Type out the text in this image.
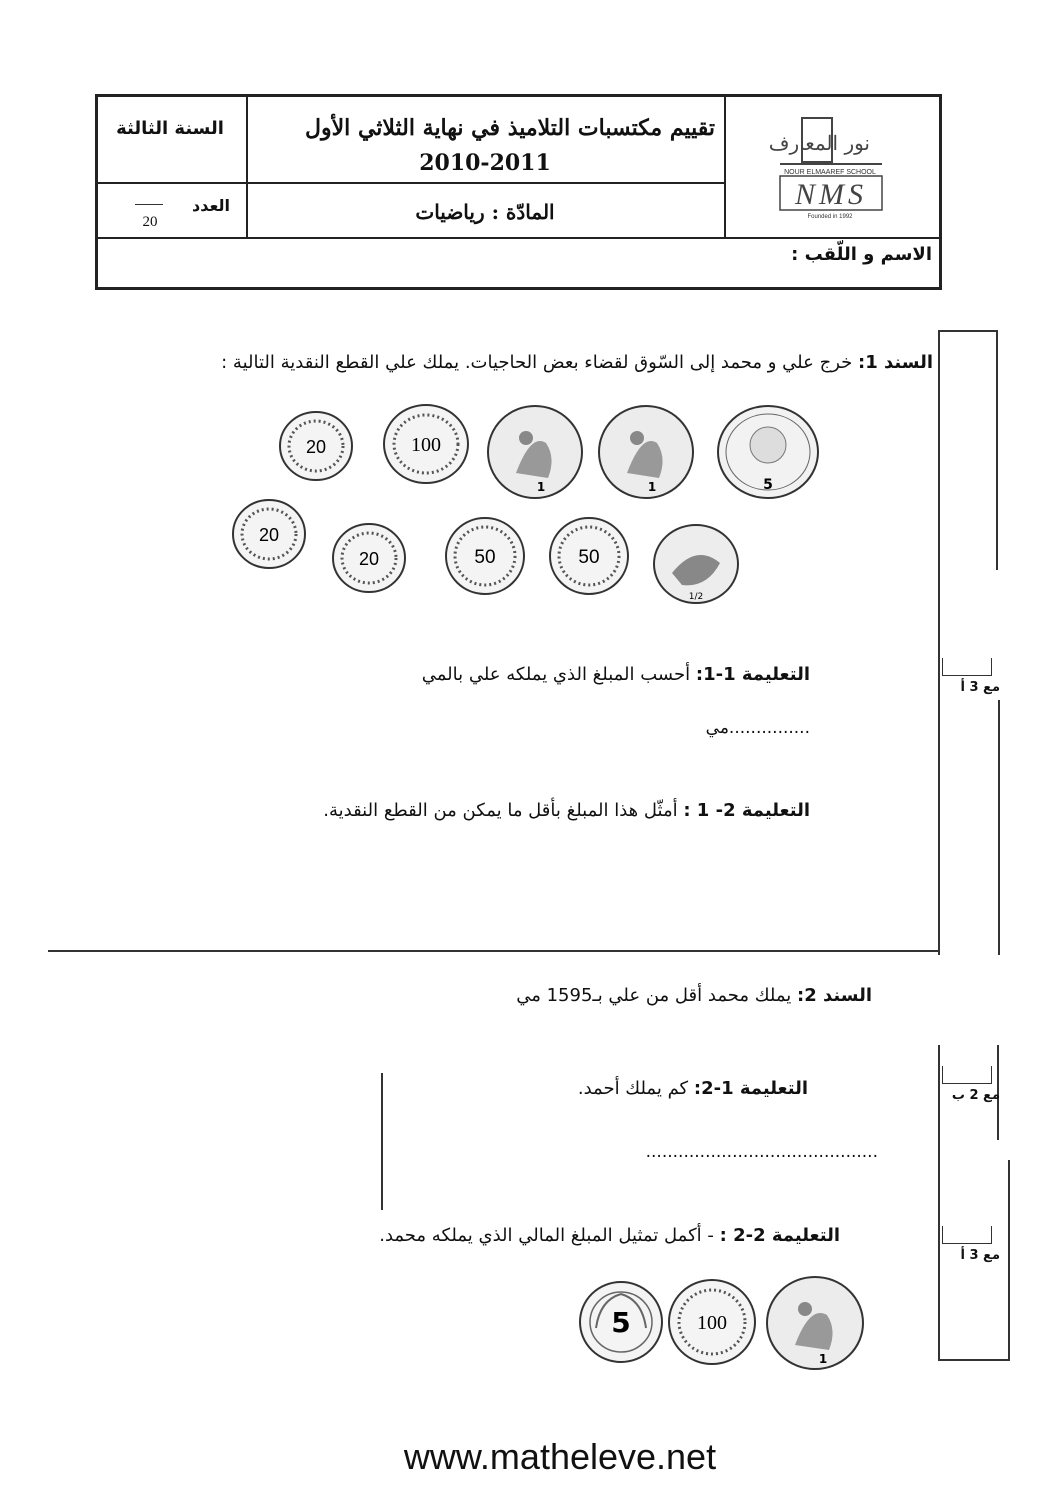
نور المعارف
NOUR ELMAAREF SCHOOL
NMS
Founded in 1992
تقييم مكتسبات التلاميذ في نهاية الثلاثي الأول
2010-2011
المادّة : رياضيات
السنة الثالثة
العدد
20
الاسم و اللّقب :
مع 3 أ
مع 2 ب
مع 3 أ
السند 1: خرج علي و محمد إلى السّوق لقضاء بعض الحاجيات. يملك علي القطع النقدية التالية :
5
1
1
100
20
1/2
50
50
20
20
التعليمة 1-1: أحسب المبلغ الذي يملكه علي بالمي
...............مي
التعليمة 2- 1 : أمثّل هذا المبلغ بأقل ما يمكن من القطع النقدية.
السند 2: يملك محمد أقل من علي بـ1595 مي
التعليمة 1-2: كم يملك أحمد.
...........................................
التعليمة 2-2 : - أكمل تمثيل المبلغ المالي الذي يملكه محمد.
1
100
5
www.matheleve.net
